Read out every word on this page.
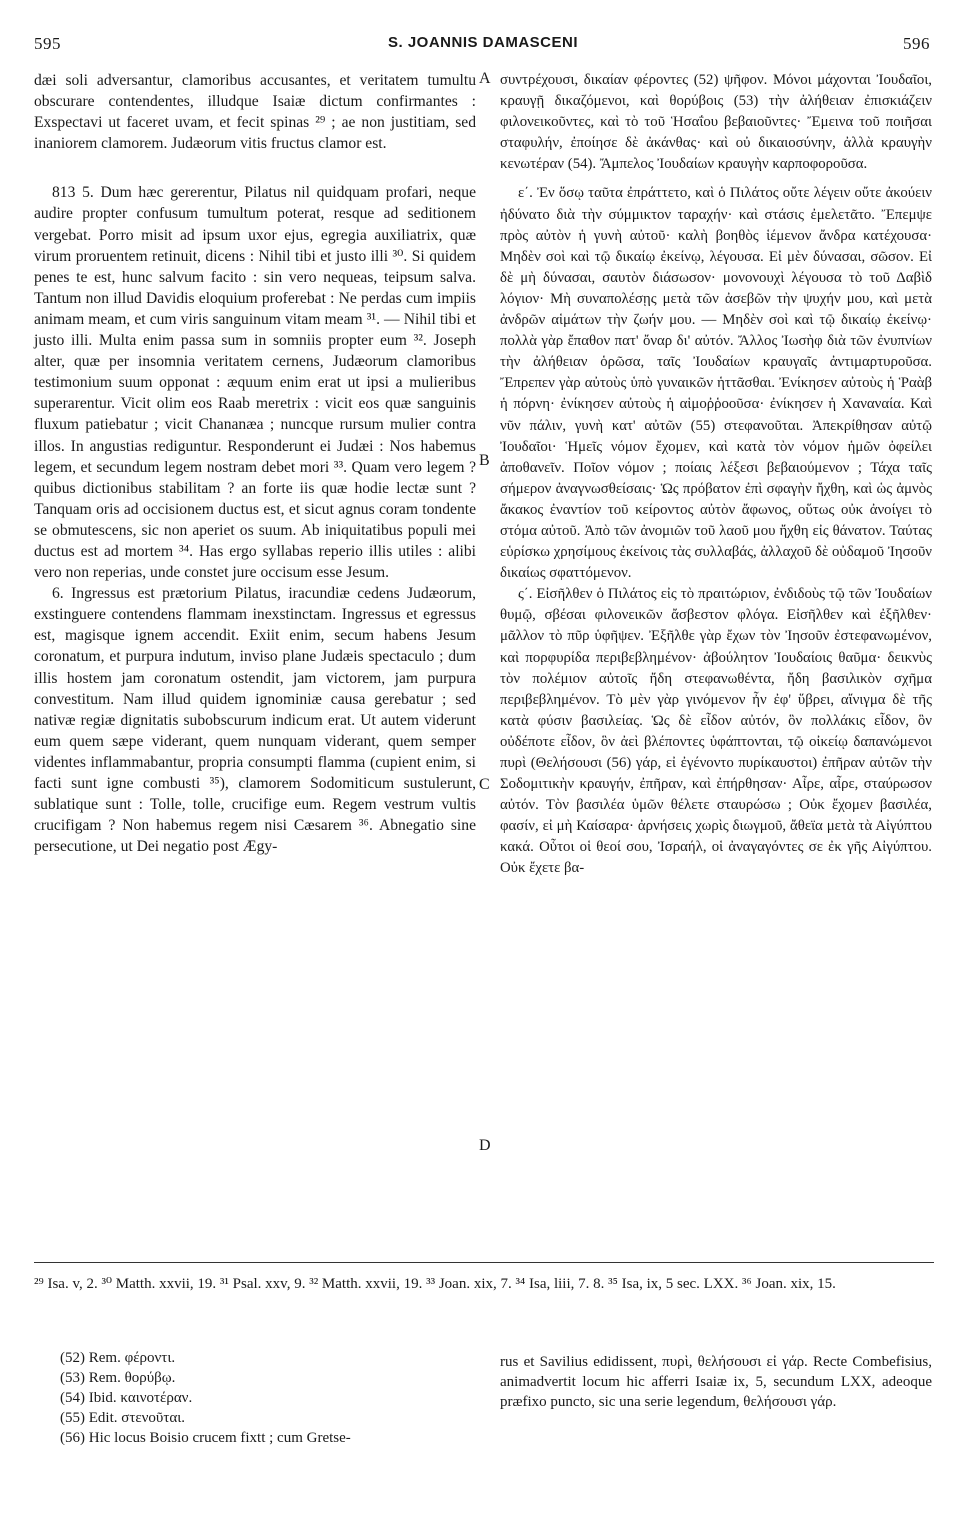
595	S. JOANNIS DAMASCENI	596

dæi soli adversantur, clamoribus accusantes, et veritatem tumultu obscurare contendentes, illudque Isaiæ dictum confirmantes : Exspectavi ut faceret uvam, et fecit spinas ²⁹ ; ae non justitiam, sed inaniorem clamorem. Judæorum vitis fructus clamor est.

813 5. Dum hæc gererentur, Pilatus nil quidquam profari, neque audire propter confusum tumultum poterat, resque ad seditionem vergebat. Porro misit ad ipsum uxor ejus, egregia auxiliatrix, quæ virum proruentem retinuit, dicens : Nihil tibi et justo illi ³⁰. Si quidem penes te est, hunc salvum facito : sin vero nequeas, teipsum salva. Tantum non illud Davidis eloquium proferebat : Ne perdas cum impiis animam meam, et cum viris sanguinum vitam meam ³¹. — Nihil tibi et justo illi. Multa enim passa sum in somniis propter eum ³². Joseph alter, quæ per insomnia veritatem cernens, Judæorum clamoribus testimonium suum opponat : æquum enim erat ut ipsi a mulieribus superarentur. Vicit olim eos Raab meretrix : vicit eos quæ sanguinis fluxum patiebatur ; vicit Chananæa ; nuncque rursum mulier contra illos. In angustias rediguntur. Responderunt ei Judæi : Nos habemus legem, et secundum legem nostram debet mori ³³. Quam vero legem ? quibus dictionibus stabilitam ? an forte iis quæ hodie lectæ sunt ? Tanquam oris ad occisionem ductus est, et sicut agnus coram tondente se obmutescens, sic non aperiet os suum. Ab iniquitatibus populi mei ductus est ad mortem ³⁴. Has ergo syllabas reperio illis utiles : alibi vero non reperias, unde constet jure occisum esse Jesum.

6. Ingressus est prætorium Pilatus, iracundiæ cedens Judæorum, exstinguere contendens flammam inexstinctam. Ingressus et egressus est, magisque ignem accendit. Exiit enim, secum habens Jesum coronatum, et purpura indutum, inviso plane Judæis spectaculo ; dum illis hostem jam coronatum ostendit, jam victorem, jam purpura convestitum. Nam illud quidem ignominiæ causa gerebatur ; sed nativæ regiæ dignitatis subobscurum indicum erat. Ut autem viderunt eum quem sæpe viderant, quem nunquam viderant, quem semper videntes inflammabantur, propria consumpti flamma (cupient enim, si facti sunt igne combusti ³⁵), clamorem Sodomiticum sustulerunt, sublatique sunt : Tolle, tolle, crucifige eum. Regem vestrum vultis crucifigam ? Non habemus regem nisi Cæsarem ³⁶. Abnegatio sine persecutione, ut Dei negatio post Ægy-

A
B
C
D

συντρέχουσι, δικαίαν φέροντες (52) ψῆφον. Μόνοι μάχονται Ἰουδαῖοι, κραυγῇ δικαζόμενοι, καὶ θορύβοις (53) τὴν ἀλήθειαν ἐπισκιάζειν φιλονεικοῦντες, καὶ τὸ τοῦ Ἡσαΐου βεβαιοῦντες· Ἔμεινα τοῦ ποιῆσαι σταφυλήν, ἐποίησε δὲ ἀκάνθας· καὶ οὐ δικαιοσύνην, ἀλλὰ κραυγὴν κενωτέραν (54). Ἄμπελος Ἰουδαίων κραυγὴν καρποφοροῦσα.

ε΄. Ἐν ὅσῳ ταῦτα ἐπράττετο, καὶ ὁ Πιλάτος οὔτε λέγειν οὔτε ἀκούειν ἠδύνατο διὰ τὴν σύμμικτον ταραχήν· καὶ στάσις ἐμελετᾶτο. Ἔπεμψε πρὸς αὐτὸν ἡ γυνὴ αὐτοῦ· καλὴ βοηθὸς ἱέμενον ἄνδρα κατέχουσα· Μηδὲν σοὶ καὶ τῷ δικαίῳ ἐκείνῳ, λέγουσα. Εἰ μὲν δύνασαι, σῶσον. Εἰ δὲ μὴ δύνασαι, σαυτὸν διάσωσον· μονονουχὶ λέγουσα τὸ τοῦ Δαβὶδ λόγιον· Μὴ συναπολέσῃς μετὰ τῶν ἀσεβῶν τὴν ψυχήν μου, καὶ μετὰ ἀνδρῶν αἱμάτων τὴν ζωήν μου. — Μηδὲν σοὶ καὶ τῷ δικαίῳ ἐκείνῳ· πολλὰ γὰρ ἔπαθον πατ' ὄναρ δι' αὐτόν. Ἄλλος Ἰωσὴφ διὰ τῶν ἐνυπνίων τὴν ἀλήθειαν ὁρῶσα, ταῖς Ἰουδαίων κραυγαῖς ἀντιμαρτυροῦσα. Ἔπρεπεν γὰρ αὐτοὺς ὑπὸ γυναικῶν ἡττᾶσθαι. Ἐνίκησεν αὐτοὺς ἡ Ῥαὰβ ἡ πόρνη· ἐνίκησεν αὐτοὺς ἡ αἱμοῤῥοοῦσα· ἐνίκησεν ἡ Χαναναία. Καὶ νῦν πάλιν, γυνὴ κατ' αὐτῶν (55) στεφανοῦται. Ἀπεκρίθησαν αὐτῷ Ἰουδαῖοι· Ἡμεῖς νόμον ἔχομεν, καὶ κατὰ τὸν νόμον ἡμῶν ὀφείλει ἀποθανεῖν. Ποῖον νόμον ; ποίαις λέξεσι βεβαιούμενον ; Τάχα ταῖς σήμερον ἀναγνωσθείσαις· Ὡς πρόβατον ἐπὶ σφαγὴν ἤχθη, καὶ ὡς ἀμνὸς ἄκακος ἐναντίον τοῦ κείροντος αὐτὸν ἄφωνος, οὕτως οὐκ ἀνοίγει τὸ στόμα αὐτοῦ. Ἀπὸ τῶν ἀνομιῶν τοῦ λαοῦ μου ἤχθη εἰς θάνατον. Ταύτας εὑρίσκω χρησίμους ἐκείνοις τὰς συλλαβάς, ἀλλαχοῦ δὲ οὐδαμοῦ Ἰησοῦν δικαίως σφαττόμενον.

ς΄. Εἰσῆλθεν ὁ Πιλάτος εἰς τὸ πραιτώριον, ἐνδιδοὺς τῷ τῶν Ἰουδαίων θυμῷ, σβέσαι φιλονεικῶν ἄσβεστον φλόγα. Εἰσῆλθεν καὶ ἐξῆλθεν· μᾶλλον τὸ πῦρ ὑφῆψεν. Ἐξῆλθε γὰρ ἔχων τὸν Ἰησοῦν ἐστεφανωμένον, καὶ πορφυρίδα περιβεβλημένον· ἀβούλητον Ἰουδαίοις θαῦμα· δεικνὺς τὸν πολέμιον αὐτοῖς ἤδη στεφανωθέντα, ἤδη βασιλικὸν σχῆμα περιβεβλημένον. Τὸ μὲν γὰρ γινόμενον ἦν ἐφ' ὕβρει, αἴνιγμα δὲ τῆς κατὰ φύσιν βασιλείας. Ὡς δὲ εἶδον αὐτόν, ὃν πολλάκις εἶδον, ὃν οὐδέποτε εἶδον, ὃν ἀεὶ βλέποντες ὑφάπτονται, τῷ οἰκείῳ δαπανώμενοι πυρὶ (Θελήσουσι (56) γάρ, εἰ ἐγένοντο πυρίκαυστοι) ἐπῆραν αὐτῶν τὴν Σοδομιτικὴν κραυγήν, ἐπῆραν, καὶ ἐπήρθησαν· Αἶρε, αἶρε, σταύρωσον αὐτόν. Τὸν βασιλέα ὑμῶν θέλετε σταυρώσω ; Οὐκ ἔχομεν βασιλέα, φασίν, εἰ μὴ Καίσαρα· ἀρνήσεις χωρὶς διωγμοῦ, ἄθεϊα μετὰ τὰ Αἰγύπτου κακά. Οὗτοι οἱ θεοί σου, Ἰσραήλ, οἱ ἀναγαγόντες σε ἐκ γῆς Αἰγύπτου. Οὐκ ἔχετε βα-

²⁹ Isa. v, 2. ³⁰ Matth. xxvii, 19. ³¹ Psal. xxv, 9. ³² Matth. xxvii, 19. ³³ Joan. xix, 7. ³⁴ Isa, liii, 7. 8. ³⁵ Isa, ix, 5 sec. LXX. ³⁶ Joan. xix, 15.

(52) Rem. φέροντι.

(53) Rem. θορύβῳ.

(54) Ibid. καινοτέραν.

(55) Edit. στενοῦται.

(56) Hic locus Boisio crucem fixtt ; cum Gretse-

rus et Savilius edidissent, πυρὶ, θελήσουσι εἰ γάρ. Recte Combefisius, animadvertit locum hic afferri Isaiæ ix, 5, secundum LXX, adeoque præfixo puncto, sic una serie legendum, θελήσουσι γάρ.
